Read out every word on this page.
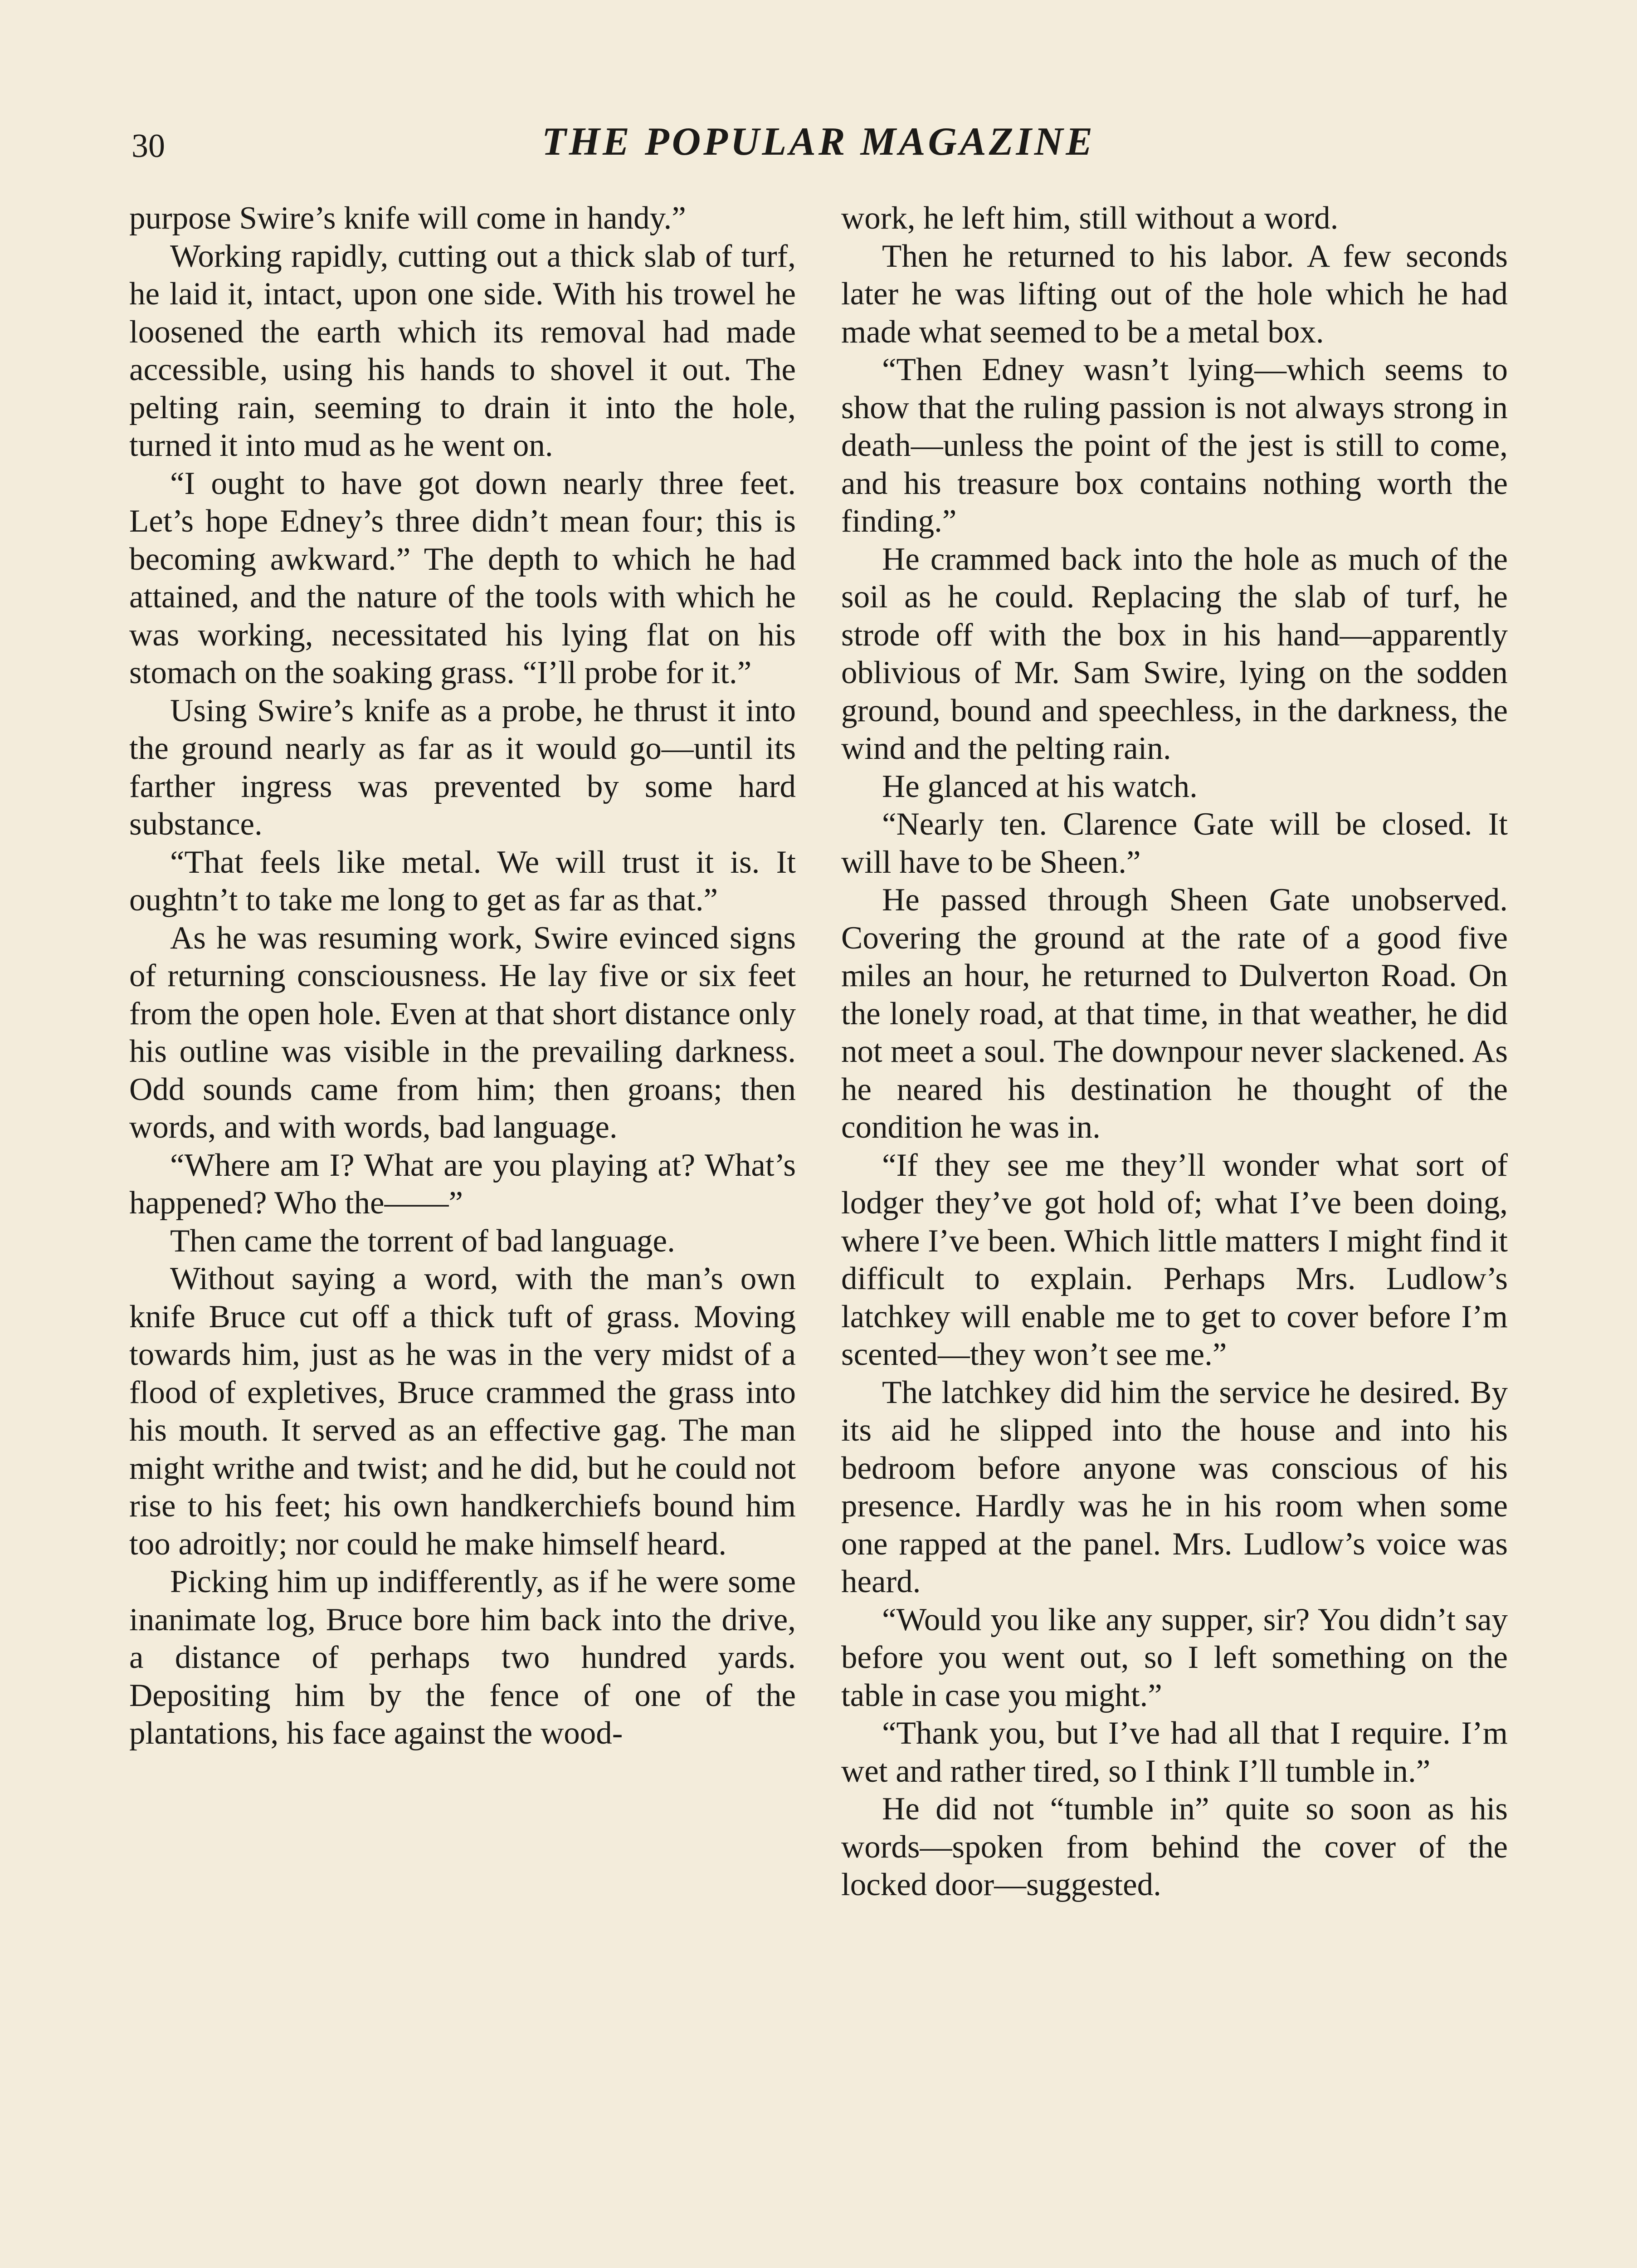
30	THE POPULAR MAGAZINE

purpose Swire’s knife will come in handy.”

Working rapidly, cutting out a thick slab of turf, he laid it, intact, upon one side. With his trowel he loosened the earth which its removal had made accessible, using his hands to shovel it out. The pelting rain, seeming to drain it into the hole, turned it into mud as he went on.

“I ought to have got down nearly three feet. Let’s hope Edney’s three didn’t mean four; this is becoming awkward.” The depth to which he had attained, and the nature of the tools with which he was working, necessitated his lying flat on his stomach on the soaking grass. “I’ll probe for it.”

Using Swire’s knife as a probe, he thrust it into the ground nearly as far as it would go—until its farther ingress was prevented by some hard substance.

“That feels like metal. We will trust it is. It oughtn’t to take me long to get as far as that.”

As he was resuming work, Swire evinced signs of returning consciousness. He lay five or six feet from the open hole. Even at that short distance only his outline was visible in the prevailing darkness. Odd sounds came from him; then groans; then words, and with words, bad language.

“Where am I? What are you playing at? What’s happened? Who the——”

Then came the torrent of bad language.

Without saying a word, with the man’s own knife Bruce cut off a thick tuft of grass. Moving towards him, just as he was in the very midst of a flood of expletives, Bruce crammed the grass into his mouth. It served as an effective gag. The man might writhe and twist; and he did, but he could not rise to his feet; his own handkerchiefs bound him too adroitly; nor could he make himself heard.

Picking him up indifferently, as if he were some inanimate log, Bruce bore him back into the drive, a distance of perhaps two hundred yards. Depositing him by the fence of one of the plantations, his face against the wood-

work, he left him, still without a word.

Then he returned to his labor. A few seconds later he was lifting out of the hole which he had made what seemed to be a metal box.

“Then Edney wasn’t lying—which seems to show that the ruling passion is not always strong in death—unless the point of the jest is still to come, and his treasure box contains nothing worth the finding.”

He crammed back into the hole as much of the soil as he could. Replacing the slab of turf, he strode off with the box in his hand—apparently oblivious of Mr. Sam Swire, lying on the sodden ground, bound and speechless, in the darkness, the wind and the pelting rain.

He glanced at his watch.

“Nearly ten. Clarence Gate will be closed. It will have to be Sheen.”

He passed through Sheen Gate unobserved. Covering the ground at the rate of a good five miles an hour, he returned to Dulverton Road. On the lonely road, at that time, in that weather, he did not meet a soul. The downpour never slackened. As he neared his destination he thought of the condition he was in.

“If they see me they’ll wonder what sort of lodger they’ve got hold of; what I’ve been doing, where I’ve been. Which little matters I might find it difficult to explain. Perhaps Mrs. Ludlow’s latchkey will enable me to get to cover before I’m scented—they won’t see me.”

The latchkey did him the service he desired. By its aid he slipped into the house and into his bedroom before anyone was conscious of his presence. Hardly was he in his room when some one rapped at the panel. Mrs. Ludlow’s voice was heard.

“Would you like any supper, sir? You didn’t say before you went out, so I left something on the table in case you might.”

“Thank you, but I’ve had all that I require. I’m wet and rather tired, so I think I’ll tumble in.”

He did not “tumble in” quite so soon as his words—spoken from behind the cover of the locked door—suggested.
